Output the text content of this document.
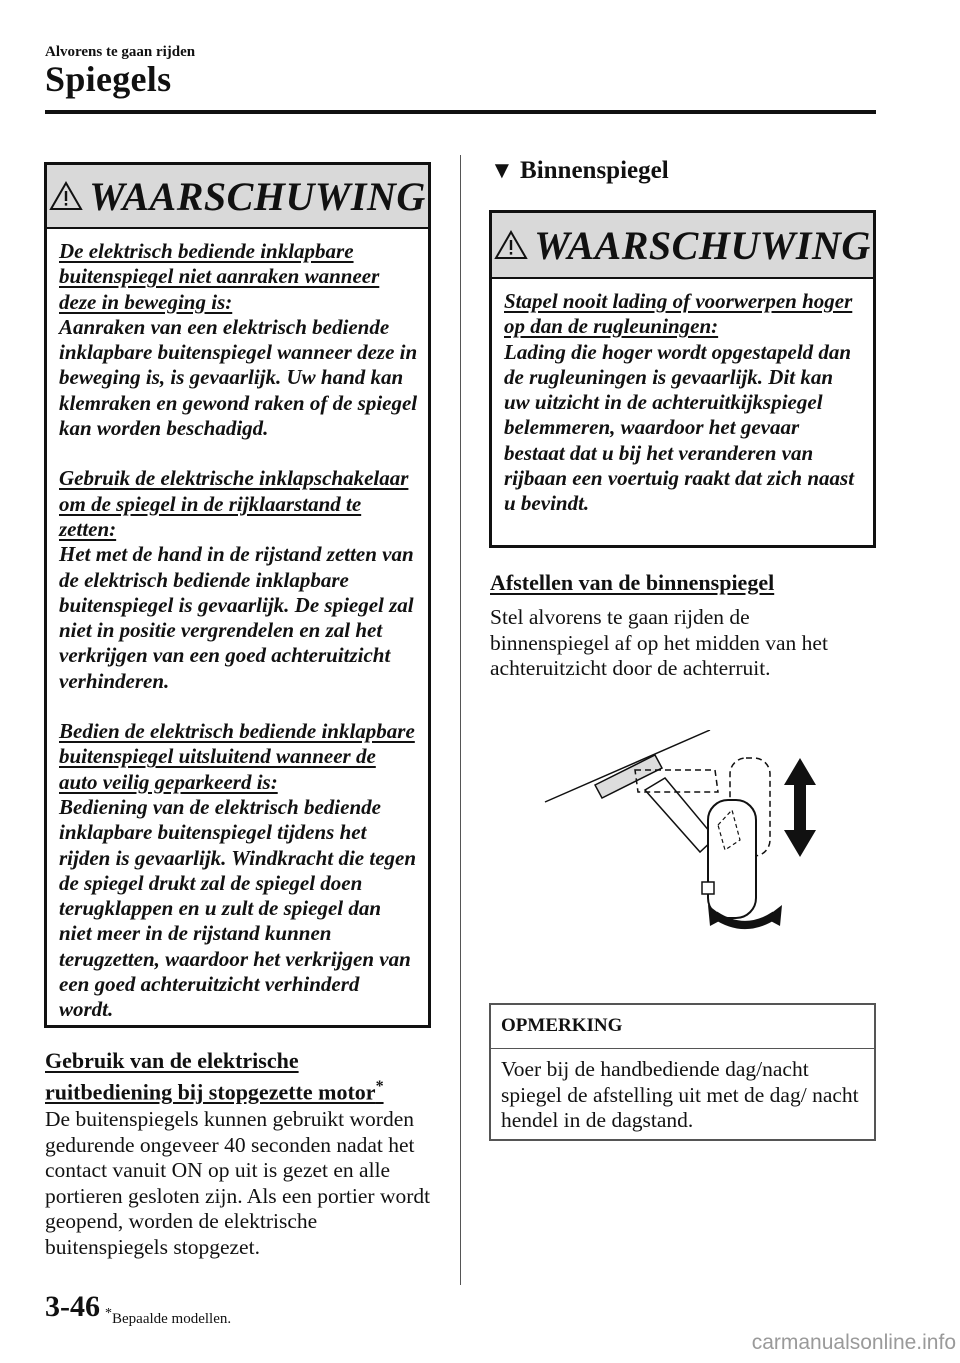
Alvorens te gaan rijden
Spiegels
WAARSCHUWING

De elektrisch bediende inklapbare buitenspiegel niet aanraken wanneer deze in beweging is:
Aanraken van een elektrisch bediende inklapbare buitenspiegel wanneer deze in beweging is, is gevaarlijk. Uw hand kan klemraken en gewond raken of de spiegel kan worden beschadigd.

Gebruik de elektrische inklapschakelaar om de spiegel in de rijklaarstand te zetten:
Het met de hand in de rijstand zetten van de elektrisch bediende inklapbare buitenspiegel is gevaarlijk. De spiegel zal niet in positie vergrendelen en zal het verkrijgen van een goed achteruitzicht verhinderen.

Bedien de elektrisch bediende inklapbare buitenspiegel uitsluitend wanneer de auto veilig geparkeerd is:
Bediening van de elektrisch bediende inklapbare buitenspiegel tijdens het rijden is gevaarlijk. Windkracht die tegen de spiegel drukt zal de spiegel doen terugklappen en u zult de spiegel dan niet meer in de rijstand kunnen terugzetten, waardoor het verkrijgen van een goed achteruitzicht verhinderd wordt.

Gebruik van de elektrische
ruitbediening bij stopgezette motor*
De buitenspiegels kunnen gebruikt worden gedurende ongeveer 40 seconden nadat het contact vanuit ON op uit is gezet en alle portieren gesloten zijn. Als een portier wordt geopend, worden de elektrische buitenspiegels stopgezet.
▼ Binnenspiegel
WAARSCHUWING
Stapel nooit lading of voorwerpen hoger op dan de rugleuningen:
Lading die hoger wordt opgestapeld dan de rugleuningen is gevaarlijk. Dit kan uw uitzicht in de achteruitkijkspiegel belemmeren, waardoor het gevaar bestaat dat u bij het veranderen van rijbaan een voertuig raakt dat zich naast u bevindt.
Afstellen van de binnenspiegel
Stel alvorens te gaan rijden de binnenspiegel af op het midden van het achteruitzicht door de achterruit.
OPMERKING
Voer bij de handbediende dag/nacht spiegel de afstelling uit met de dag/ nacht hendel in de dagstand.
3-46 *Bepaalde modellen.
carmanualsonline.info
